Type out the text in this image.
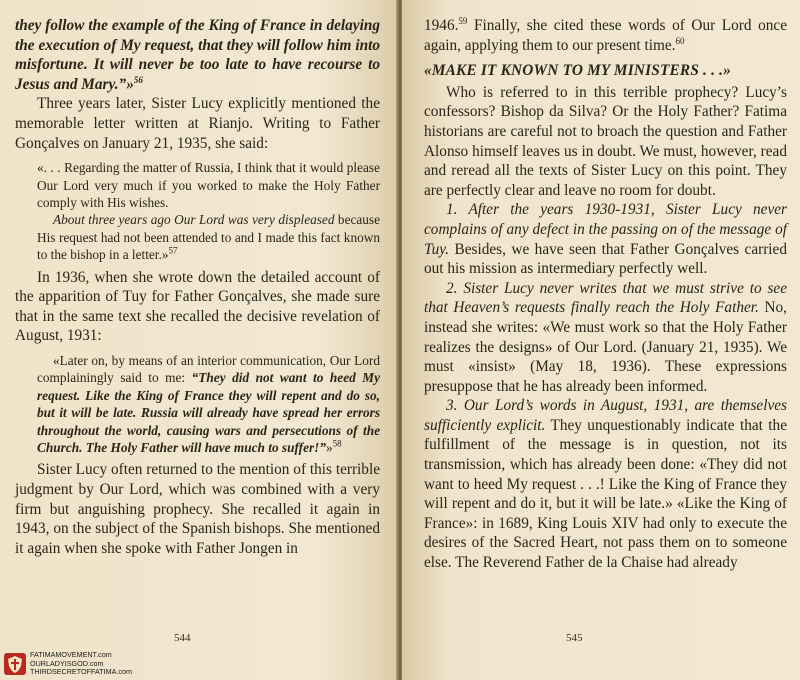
they follow the example of the King of France in delaying the execution of My request, that they will follow him into misfortune. It will never be too late to have recourse to Jesus and Mary.”»$^{56}$

Three years later, Sister Lucy explicitly mentioned the memorable letter written at Rianjo. Writing to Father Gonçalves on January 21, 1935, she said:

«. . . Regarding the matter of Russia, I think that it would please Our Lord very much if you worked to make the Holy Father comply with His wishes.

About three years ago Our Lord was very displeased because His request had not been attended to and I made this fact known to the bishop in a letter.»$^{57}$

In 1936, when she wrote down the detailed account of the apparition of Tuy for Father Gonçalves, she made sure that in the same text she recalled the decisive revelation of August, 1931:

«Later on, by means of an interior communication, Our Lord complainingly said to me: “They did not want to heed My request. Like the King of France they will repent and do so, but it will be late. Russia will already have spread her errors throughout the world, causing wars and persecutions of the Church. The Holy Father will have much to suffer!”»$^{58}$

Sister Lucy often returned to the mention of this terrible judgment by Our Lord, which was combined with a very firm but anguishing prophecy. She recalled it again in 1943, on the subject of the Spanish bishops. She mentioned it again when she spoke with Father Jongen in

544

1946.59 Finally, she cited these words of Our Lord once again, applying them to our present time.$^{60}$

«MAKE IT KNOWN TO MY MINISTERS . . .»

Who is referred to in this terrible prophecy? Lucy’s confessors? Bishop da Silva? Or the Holy Father? Fatima historians are careful not to broach the question and Father Alonso himself leaves us in doubt. We must, however, read and reread all the texts of Sister Lucy on this point. They are perfectly clear and leave no room for doubt.

1. After the years 1930-1931, Sister Lucy never complains of any defect in the passing on of the message of Tuy. Besides, we have seen that Father Gonçalves carried out his mission as intermediary perfectly well.

2. Sister Lucy never writes that we must strive to see that Heaven’s requests finally reach the Holy Father. No, instead she writes: «We must work so that the Holy Father realizes the designs» of Our Lord. (January 21, 1935). We must «insist» (May 18, 1936). These expressions presuppose that he has already been informed.

3. Our Lord’s words in August, 1931, are themselves sufficiently explicit. They unquestionably indicate that the fulfillment of the message is in question, not its transmission, which has already been done: «They did not want to heed My request . . .! Like the King of France they will repent and do it, but it will be late.» «Like the King of France»: in 1689, King Louis XIV had only to execute the desires of the Sacred Heart, not pass them on to someone else. The Reverend Father de la Chaise had already

545
FATIMAMOVEMENT.com
OURLADYISGOD.com
THIRDSECRETOFFATIMA.com
